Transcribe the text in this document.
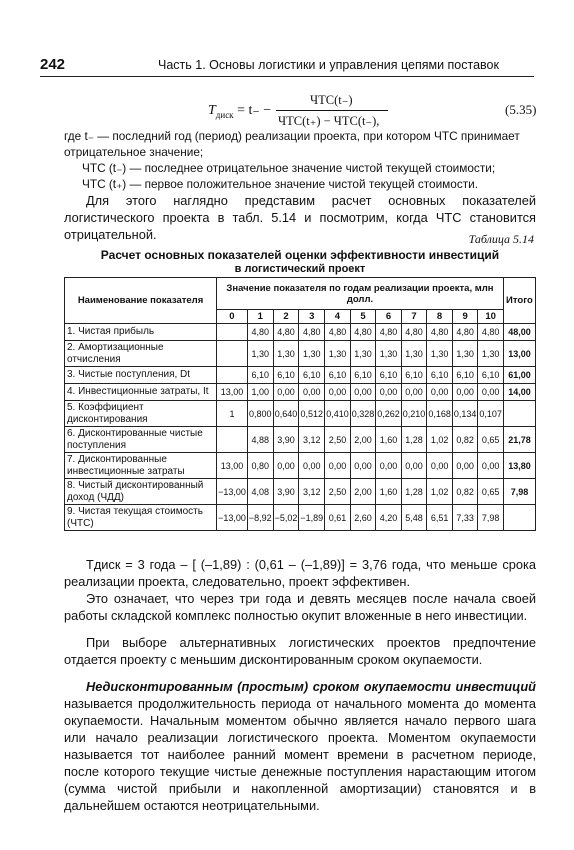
242	Часть 1. Основы логистики и управления цепями поставок
$T_{диск} = t_-$ −
ЧТС(t₋)
ЧТС(t₊) − ЧТС(t₋),
(5.35)

где t₋ — последний год (период) реализации проекта, при котором ЧТС принимает отрицательное значение;

ЧТС (t₋) — последнее отрицательное значение чистой текущей стоимости;

ЧТС (t₊) — первое положительное значение чистой текущей стоимости.

Для этого наглядно представим расчет основных показателей логистического проекта в табл. 5.14 и посмотрим, когда ЧТС становится отрицательной.	Таблица 5.14
Расчет основных показателей оценки эффективности инвестиций
в логистический проект
Наименование показателя	Значение показателя по годам реализации проекта, млн долл.											Итого
	0	1	2	3	4	5	6	7	8	9	10	
1. Чистая прибыль		4,80	4,80	4,80	4,80	4,80	4,80	4,80	4,80	4,80	4,80	48,00
2. Амортизационные отчисления		1,30	1,30	1,30	1,30	1,30	1,30	1,30	1,30	1,30	1,30	13,00
3. Чистые поступления, Dt		6,10	6,10	6,10	6,10	6,10	6,10	6,10	6,10	6,10	6,10	61,00
4. Инвестиционные затраты, It	13,00	1,00	0,00	0,00	0,00	0,00	0,00	0,00	0,00	0,00	0,00	14,00
5. Коэффициент дисконтирования	1	0,800	0,640	0,512	0,410	0,328	0,262	0,210	0,168	0,134	0,107	
6. Дисконтированные чистые поступления		4,88	3,90	3,12	2,50	2,00	1,60	1,28	1,02	0,82	0,65	21,78
7. Дисконтированные инвестиционные затраты	13,00	0,80	0,00	0,00	0,00	0,00	0,00	0,00	0,00	0,00	0,00	13,80
8. Чистый дисконтированный доход (ЧДД)	−13,00	4,08	3,90	3,12	2,50	2,00	1,60	1,28	1,02	0,82	0,65	7,98
9. Чистая текущая стоимость (ЧТС)	−13,00	−8,92	−5,02	−1,89	0,61	2,60	4,20	5,48	6,51	7,33	7,98	

Tдиск = 3 года – [ (–1,89) : (0,61 – (–1,89)] = 3,76 года, что меньше срока реализации проекта, следовательно, проект эффективен.

Это означает, что через три года и девять месяцев после начала своей работы складской комплекс полностью окупит вложенные в него инвестиции.

При выборе альтернативных логистических проектов предпочтение отдается проекту с меньшим дисконтированным сроком окупаемости.

Недисконтированным (простым) сроком окупаемости инвестиций называется продолжительность периода от начального момента до момента окупаемости. Начальным моментом обычно является начало первого шага или начало реализации логистического проекта. Моментом окупаемости называется тот наиболее ранний момент времени в расчетном периоде, после которого текущие чистые денежные поступления нарастающим итогом (сумма чистой прибыли и накопленной амортизации) становятся и в дальнейшем остаются неотрицательными.
